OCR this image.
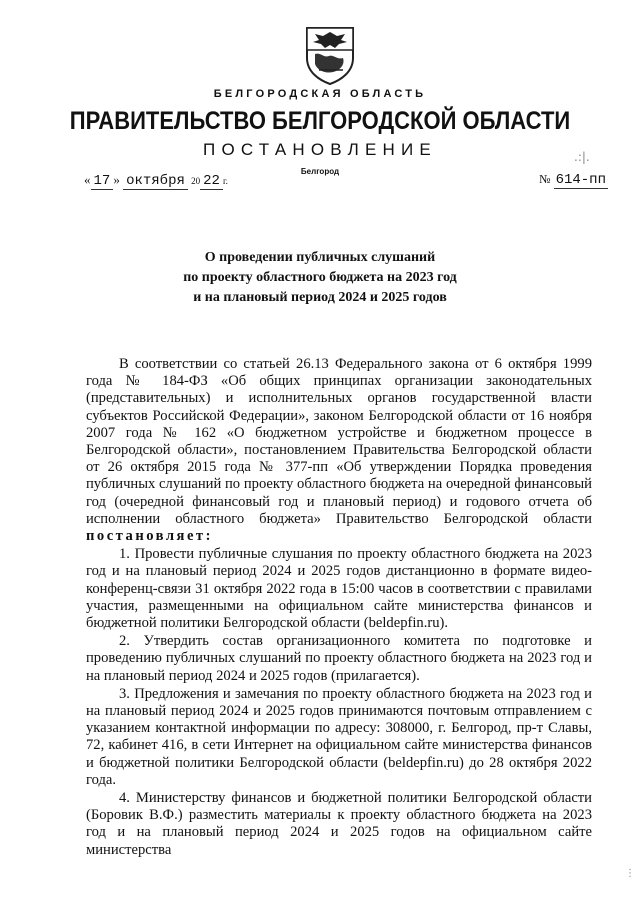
БЕЛГОРОДСКАЯ ОБЛАСТЬ
ПРАВИТЕЛЬСТВО БЕЛГОРОДСКОЙ ОБЛАСТИ
ПОСТАНОВЛЕНИЕ
Белгород
« 17 » октября 20 22 г.	№ 614-пп
О проведении публичных слушаний
по проекту областного бюджета на 2023 год
и на плановый период 2024 и 2025 годов

В соответствии со статьей 26.13 Федерального закона от 6 октября 1999 года № 184-ФЗ «Об общих принципах организации законодательных (представительных) и исполнительных органов государственной власти субъектов Российской Федерации», законом Белгородской области от 16 ноября 2007 года № 162 «О бюджетном устройстве и бюджетном процессе в Белгородской области», постановлением Правительства Белгородской области от 26 октября 2015 года № 377-пп «Об утверждении Порядка проведения публичных слушаний по проекту областного бюджета на очередной финансовый год (очередной финансовый год и плановый период) и годового отчета об исполнении областного бюджета» Правительство Белгородской области постановляет:

1. Провести публичные слушания по проекту областного бюджета на 2023 год и на плановый период 2024 и 2025 годов дистанционно в формате видео-конференц-связи 31 октября 2022 года в 15:00 часов в соответствии с правилами участия, размещенными на официальном сайте министерства финансов и бюджетной политики Белгородской области (beldepfin.ru).

2. Утвердить состав организационного комитета по подготовке и проведению публичных слушаний по проекту областного бюджета на 2023 год и на плановый период 2024 и 2025 годов (прилагается).

3. Предложения и замечания по проекту областного бюджета на 2023 год и на плановый период 2024 и 2025 годов принимаются почтовым отправлением с указанием контактной информации по адресу: 308000, г. Белгород, пр-т Славы, 72, кабинет 416, в сети Интернет на официальном сайте министерства финансов и бюджетной политики Белгородской области (beldepfin.ru) до 28 октября 2022 года.

4. Министерству финансов и бюджетной политики Белгородской области (Боровик В.Ф.) разместить материалы к проекту областного бюджета на 2023 год и на плановый период 2024 и 2025 годов на официальном сайте министерства

.:|.
⋮
